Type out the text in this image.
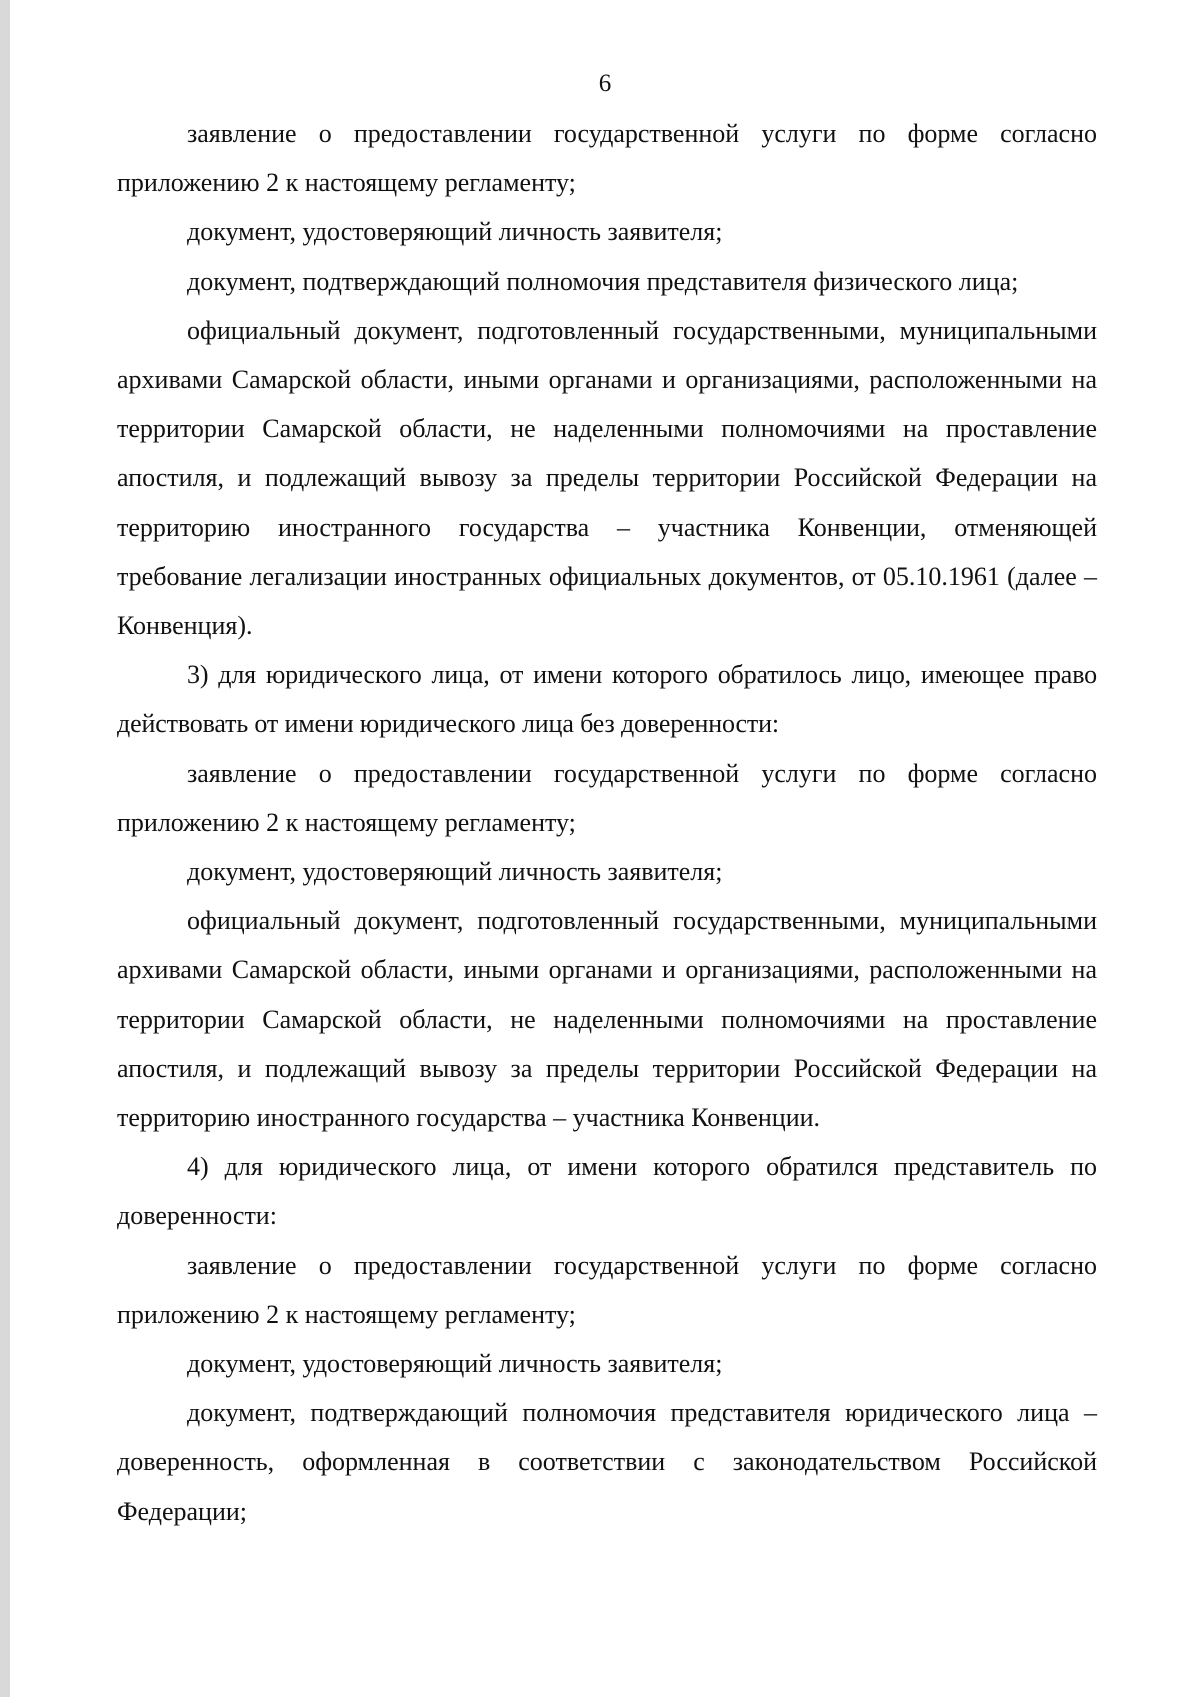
6

заявление о предоставлении государственной услуги по форме согласно приложению 2 к настоящему регламенту;

документ, удостоверяющий личность заявителя;

документ, подтверждающий полномочия представителя физического лица;

официальный документ, подготовленный государственными, муниципальными архивами Самарской области, иными органами и организациями, расположенными на территории Самарской области, не наделенными полномочиями на проставление апостиля, и подлежащий вывозу за пределы территории Российской Федерации на территорию иностранного государства – участника Конвенции, отменяющей требование легализации иностранных официальных документов, от 05.10.1961 (далее – Конвенция).

3) для юридического лица, от имени которого обратилось лицо, имеющее право действовать от имени юридического лица без доверенности:

заявление о предоставлении государственной услуги по форме согласно приложению 2 к настоящему регламенту;

документ, удостоверяющий личность заявителя;

официальный документ, подготовленный государственными, муниципальными архивами Самарской области, иными органами и организациями, расположенными на территории Самарской области, не наделенными полномочиями на проставление апостиля, и подлежащий вывозу за пределы территории Российской Федерации на территорию иностранного государства – участника Конвенции.

4) для юридического лица, от имени которого обратился представитель по доверенности:

заявление о предоставлении государственной услуги по форме согласно приложению 2 к настоящему регламенту;

документ, удостоверяющий личность заявителя;

документ, подтверждающий полномочия представителя юридического лица – доверенность, оформленная в соответствии с законодательством Российской Федерации;
